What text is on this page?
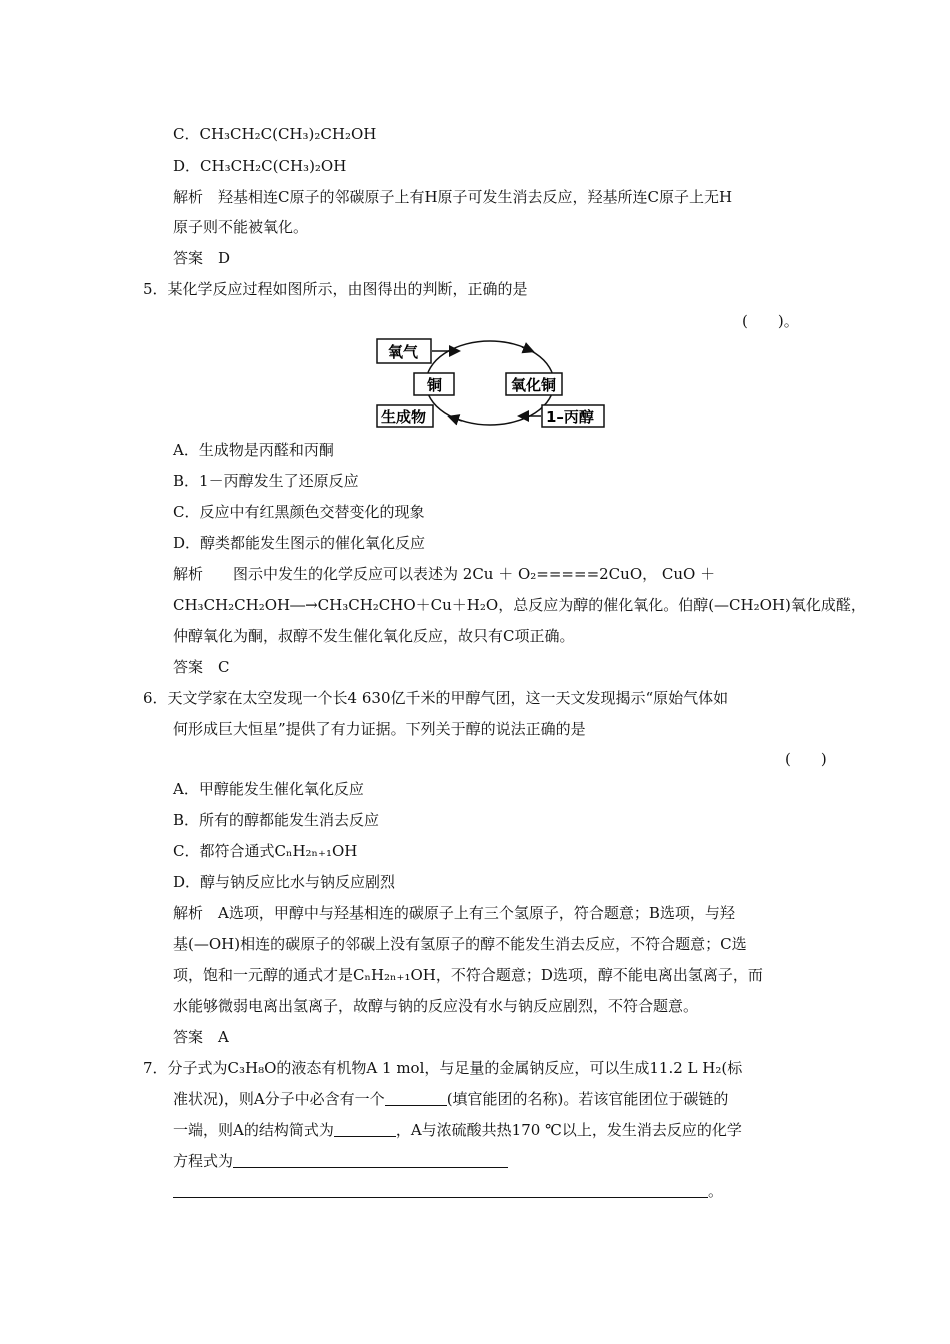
C．CH₃CH₂C(CH₃)₂CH₂OH
D．CH₃CH₂C(CH₃)₂OH
解析　羟基相连C原子的邻碳原子上有H原子可发生消去反应，羟基所连C原子上无H
原子则不能被氧化。
答案　D
5．某化学反应过程如图所示，由图得出的判断，正确的是
(　　)。
氧气
铜	氧化铜
生成物	1–丙醇
A．生成物是丙醛和丙酮
B．1－丙醇发生了还原反应
C．反应中有红黑颜色交替变化的现象
D．醇类都能发生图示的催化氧化反应
解析　　图示中发生的化学反应可以表述为 2Cu ＋ O₂=====2CuO， CuO ＋
CH₃CH₂CH₂OH―→CH₃CH₂CHO＋Cu＋H₂O，总反应为醇的催化氧化。伯醇(—CH₂OH)氧化成醛，
仲醇氧化为酮，叔醇不发生催化氧化反应，故只有C项正确。
答案　C
6．天文学家在太空发现一个长4 630亿千米的甲醇气团，这一天文发现揭示“原始气体如
何形成巨大恒星”提供了有力证据。下列关于醇的说法正确的是
(　　)
A．甲醇能发生催化氧化反应
B．所有的醇都能发生消去反应
C．都符合通式CₙH₂ₙ₊₁OH
D．醇与钠反应比水与钠反应剧烈
解析　A选项，甲醇中与羟基相连的碳原子上有三个氢原子，符合题意；B选项，与羟
基(—OH)相连的碳原子的邻碳上没有氢原子的醇不能发生消去反应，不符合题意；C选
项，饱和一元醇的通式才是CₙH₂ₙ₊₁OH，不符合题意；D选项，醇不能电离出氢离子，而
水能够微弱电离出氢离子，故醇与钠的反应没有水与钠反应剧烈，不符合题意。
答案　A
7．分子式为C₃H₈O的液态有机物A 1 mol，与足量的金属钠反应，可以生成11.2 L H₂(标
准状况)，则A分子中必含有一个	(填官能团的名称)。若该官能团位于碳链的
一端，则A的结构简式为	，A与浓硫酸共热170 ℃以上，发生消去反应的化学
方程式为
。
